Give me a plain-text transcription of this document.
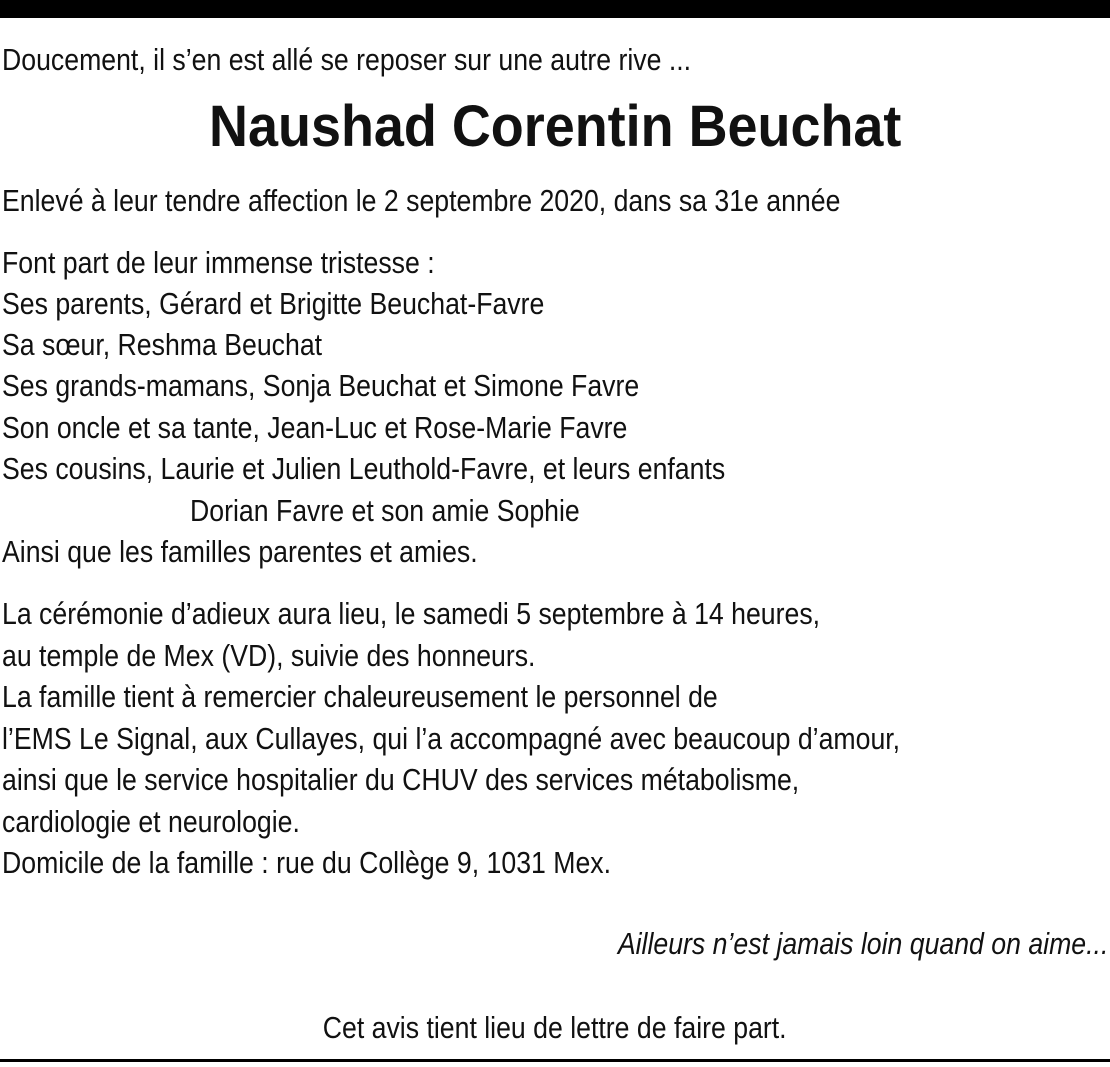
Doucement, il s’en est allé se reposer sur une autre rive ...
Naushad Corentin Beuchat
Enlevé à leur tendre affection le 2 septembre 2020, dans sa 31e année
Font part de leur immense tristesse :
Ses parents, Gérard et Brigitte Beuchat-Favre
Sa sœur, Reshma Beuchat
Ses grands-mamans, Sonja Beuchat et Simone Favre
Son oncle et sa tante, Jean-Luc et Rose-Marie Favre
Ses cousins, Laurie et Julien Leuthold-Favre, et leurs enfants
Dorian Favre et son amie Sophie
Ainsi que les familles parentes et amies.
La cérémonie d’adieux aura lieu, le samedi 5 septembre à 14 heures,
au temple de Mex (VD), suivie des honneurs.
La famille tient à remercier chaleureusement le personnel de
l’EMS Le Signal, aux Cullayes, qui l’a accompagné avec beaucoup d’amour,
ainsi que le service hospitalier du CHUV des services métabolisme,
cardiologie et neurologie.
Domicile de la famille : rue du Collège 9, 1031 Mex.
Ailleurs n’est jamais loin quand on aime...
Cet avis tient lieu de lettre de faire part.
